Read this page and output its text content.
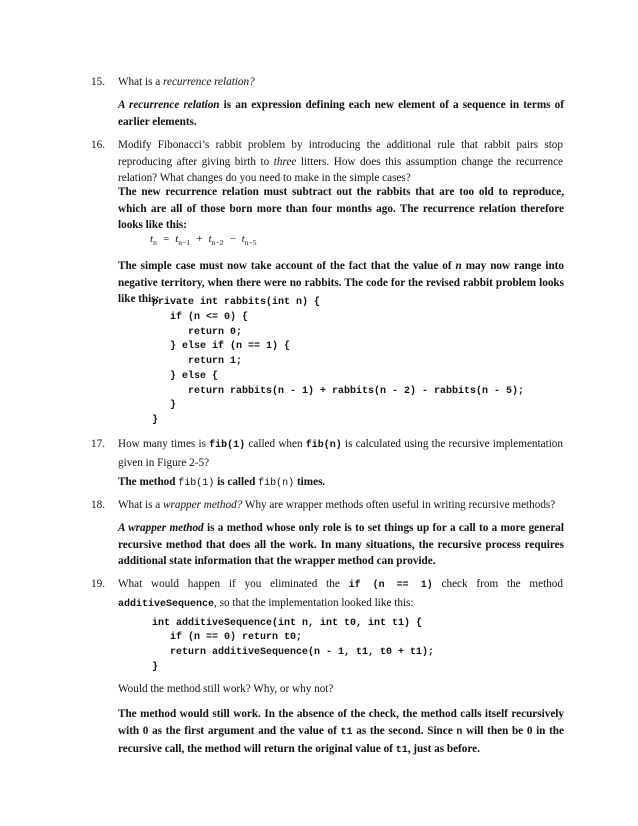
15.	What is a recurrence relation?
A recurrence relation is an expression defining each new element of a sequence in terms of earlier elements.
16.	Modify Fibonacci’s rabbit problem by introducing the additional rule that rabbit pairs stop reproducing after giving birth to three litters. How does this assumption change the recurrence relation? What changes do you need to make in the simple cases?
The new recurrence relation must subtract out the rabbits that are too old to reproduce, which are all of those born more than four months ago. The recurrence relation therefore looks like this:
$t_n = t_{n-1} + t_{n-2} - t_{n-5}$
The simple case must now take account of the fact that the value of n may now range into negative territory, when there were no rabbits. The code for the revised rabbit problem looks like this:

private int rabbits(int n) {

if (n <= 0) {

return 0;

} else if (n == 1) {

return 1;

} else {

return rabbits(n - 1) + rabbits(n - 2) - rabbits(n - 5);

}

}

17.	How many times is fib(1) called when fib(n) is calculated using the recursive implementation given in Figure 2-5?
The method fib(1) is called fib(n) times.
18.	What is a wrapper method? Why are wrapper methods often useful in writing recursive methods?
A wrapper method is a method whose only role is to set things up for a call to a more general recursive method that does all the work. In many situations, the recursive process requires additional state information that the wrapper method can provide.
19.	What would happen if you eliminated the if (n == 1) check from the method additiveSequence, so that the implementation looked like this:

int additiveSequence(int n, int t0, int t1) {

if (n == 0) return t0;

return additiveSequence(n - 1, t1, t0 + t1);

}

Would the method still work? Why, or why not?
The method would still work. In the absence of the check, the method calls itself recursively with 0 as the first argument and the value of t1 as the second. Since n will then be 0 in the recursive call, the method will return the original value of t1, just as before.
